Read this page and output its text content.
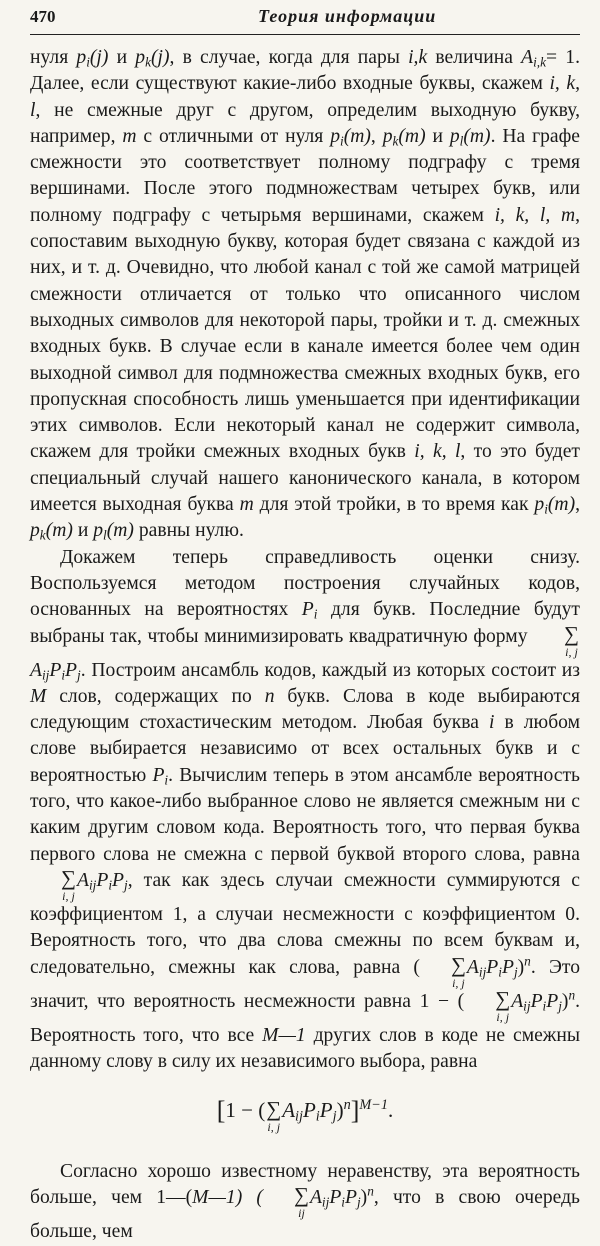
470	Теория информации

нуля $p_i(j)$ и $p_k(j)$, в случае, когда для пары i,k величина $A_{i,k}= 1$. Далее, если существуют какие-либо входные буквы, скажем i, k, l, не смежные друг с другом, определим выходную букву, например, m с отличными от нуля $p_i(m)$, $p_k(m)$ и $p_l(m)$. На графе смежности это соответствует полному подграфу с тремя вершинами. После этого подмножествам четырех букв, или полному подграфу с четырьмя вершинами, скажем i, k, l, m, сопоставим выходную букву, которая будет связана с каждой из них, и т. д. Очевидно, что любой канал с той же самой матрицей смежности отличается от только что описанного числом выходных символов для некоторой пары, тройки и т. д. смежных входных букв. В случае если в канале имеется более чем один выходной символ для подмножества смежных входных букв, его пропускная способность лишь уменьшается при идентификации этих символов. Если некоторый канал не содержит символа, скажем для тройки смежных входных букв i, k, l, то это будет специальный случай нашего канонического канала, в котором имеется выходная буква m для этой тройки, в то время как $p_i(m)$, $p_k(m)$ и $p_l(m)$ равны нулю.

Докажем теперь справедливость оценки снизу. Воспользуемся методом построения случайных кодов, основанных на вероятностях $P_i$ для букв. Последние будут выбраны так, чтобы минимизировать квадратичную форму	∑
i, j
$A_{ij}P_iP_j$. Построим ансамбль кодов, каждый из которых состоит из M слов, содержащих по n букв. Слова в коде выбираются следующим стохастическим методом. Любая буква i в любом слове выбирается независимо от всех остальных букв и с вероятностью $P_i$. Вычислим теперь в этом ансамбле вероятность того, что какое-либо выбранное слово не является смежным ни с каким другим словом кода. Вероятность того, что первая буква первого слова не смежна с первой буквой второго слова, равна
∑
i, j
$A_{ij}P_iP_j$, так как здесь случаи смежности суммируются с коэффициентом 1, а случаи несмежности с коэффициентом 0. Вероятность того, что два слова смежны по всем буквам и, следовательно, смежны как слова, равна (	∑
i, j
$A_{ij}P_iP_j)^n$. Это значит, что вероятность несмежности равна 1 − (	∑
i, j
$A_{ij}P_iP_j)^n$. Вероятность того, что все M—1 других слов в коде не смежны данному слову в силу их независимого выбора, равна

[1 − ( ∑
i, j
$A_{ij}P_iP_j)^n]^{M-1}$.

Согласно хорошо известному неравенству, эта вероятность больше, чем 1—(M—1) (	∑
ij
$A_{ij}P_iP_j)^n$, что в свою очередь больше, чем
